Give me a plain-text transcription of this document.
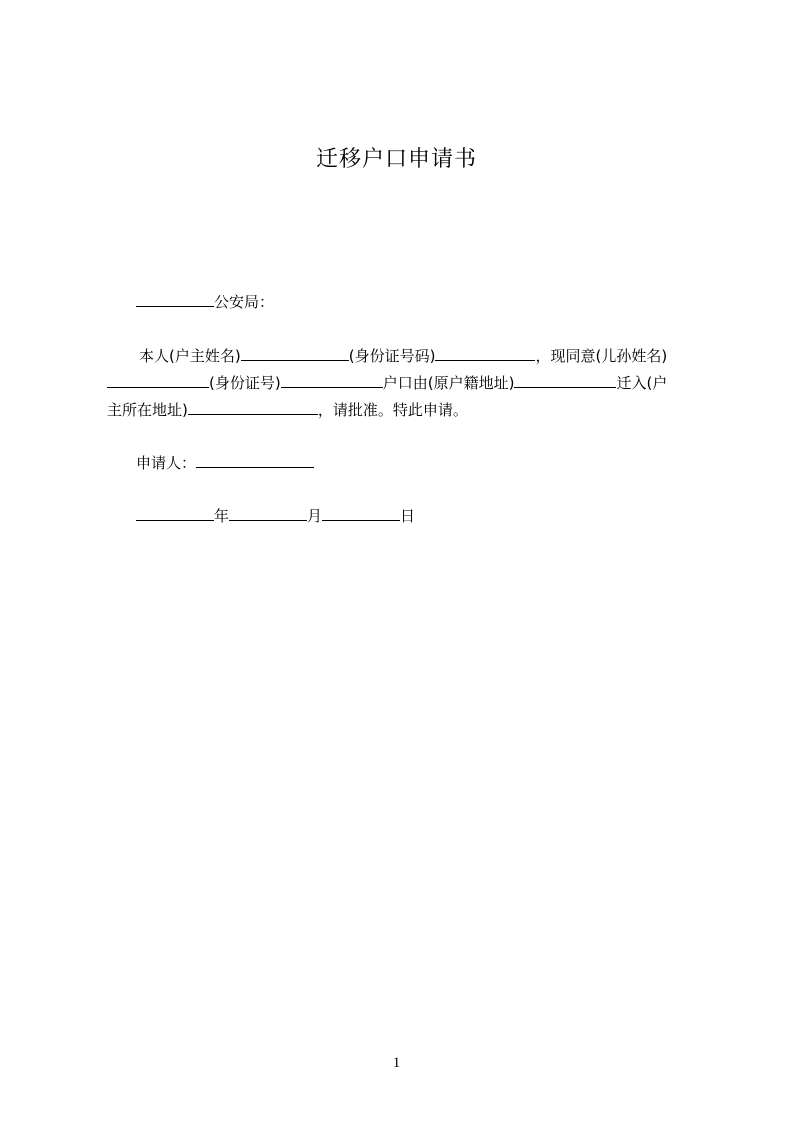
迁移户口申请书
公安局：
本人(户主姓名)	(身份证号码)	，现同意(儿孙姓名)
(身份证号)	户口由(原户籍地址)	迁入(户
主所在地址)	，请批准。特此申请。
申请人：
年	月	日
1
